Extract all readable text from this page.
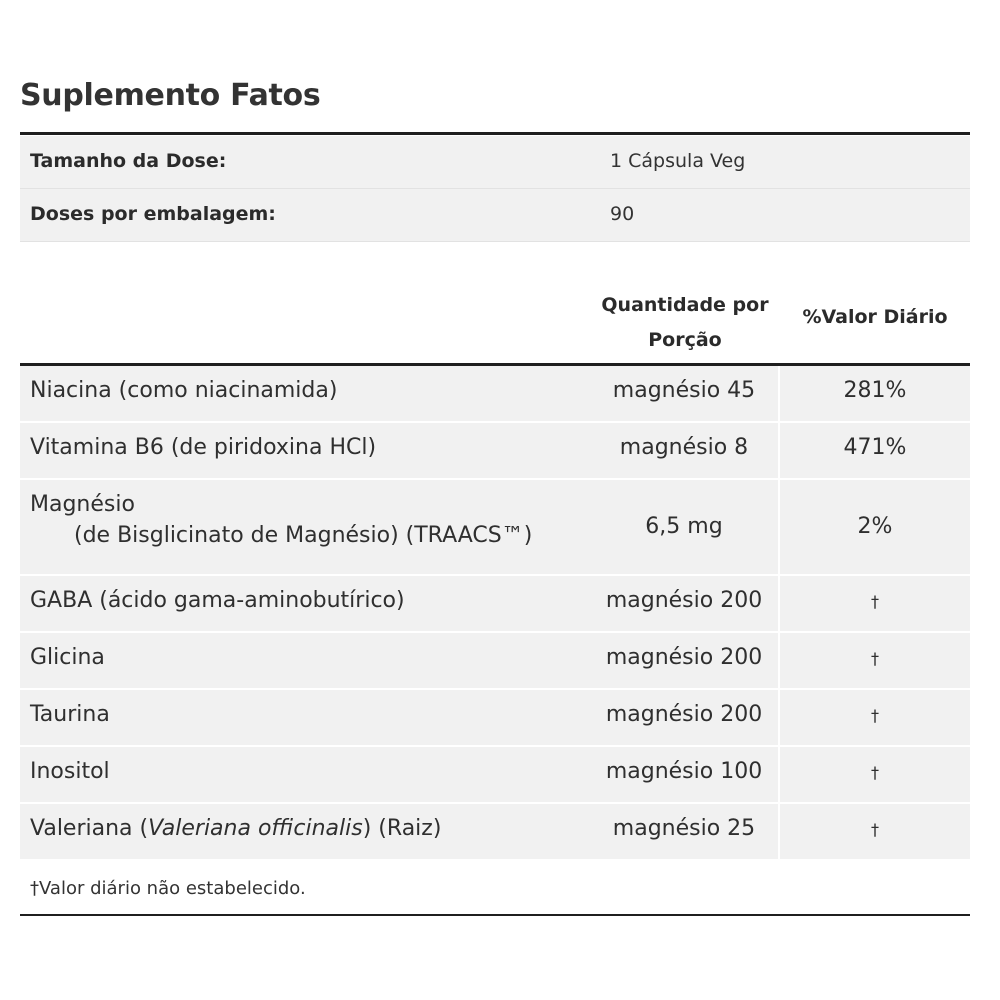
Suplemento Fatos
Tamanho da Dose:	1 Cápsula Veg
Doses por embalagem:	90
Quantidade por Porção
%Valor Diário
Niacina (como niacinamida)	magnésio 45	281%
Vitamina B6 (de piridoxina HCl)	magnésio 8	471%
Magnésio
(de Bisglicinato de Magnésio) (TRAACS™)	6,5 mg	2%
GABA (ácido gama-aminobutírico)	magnésio 200	†
Glicina	magnésio 200	†
Taurina	magnésio 200	†
Inositol	magnésio 100	†
Valeriana (Valeriana officinalis) (Raiz)	magnésio 25	†
†Valor diário não estabelecido.
